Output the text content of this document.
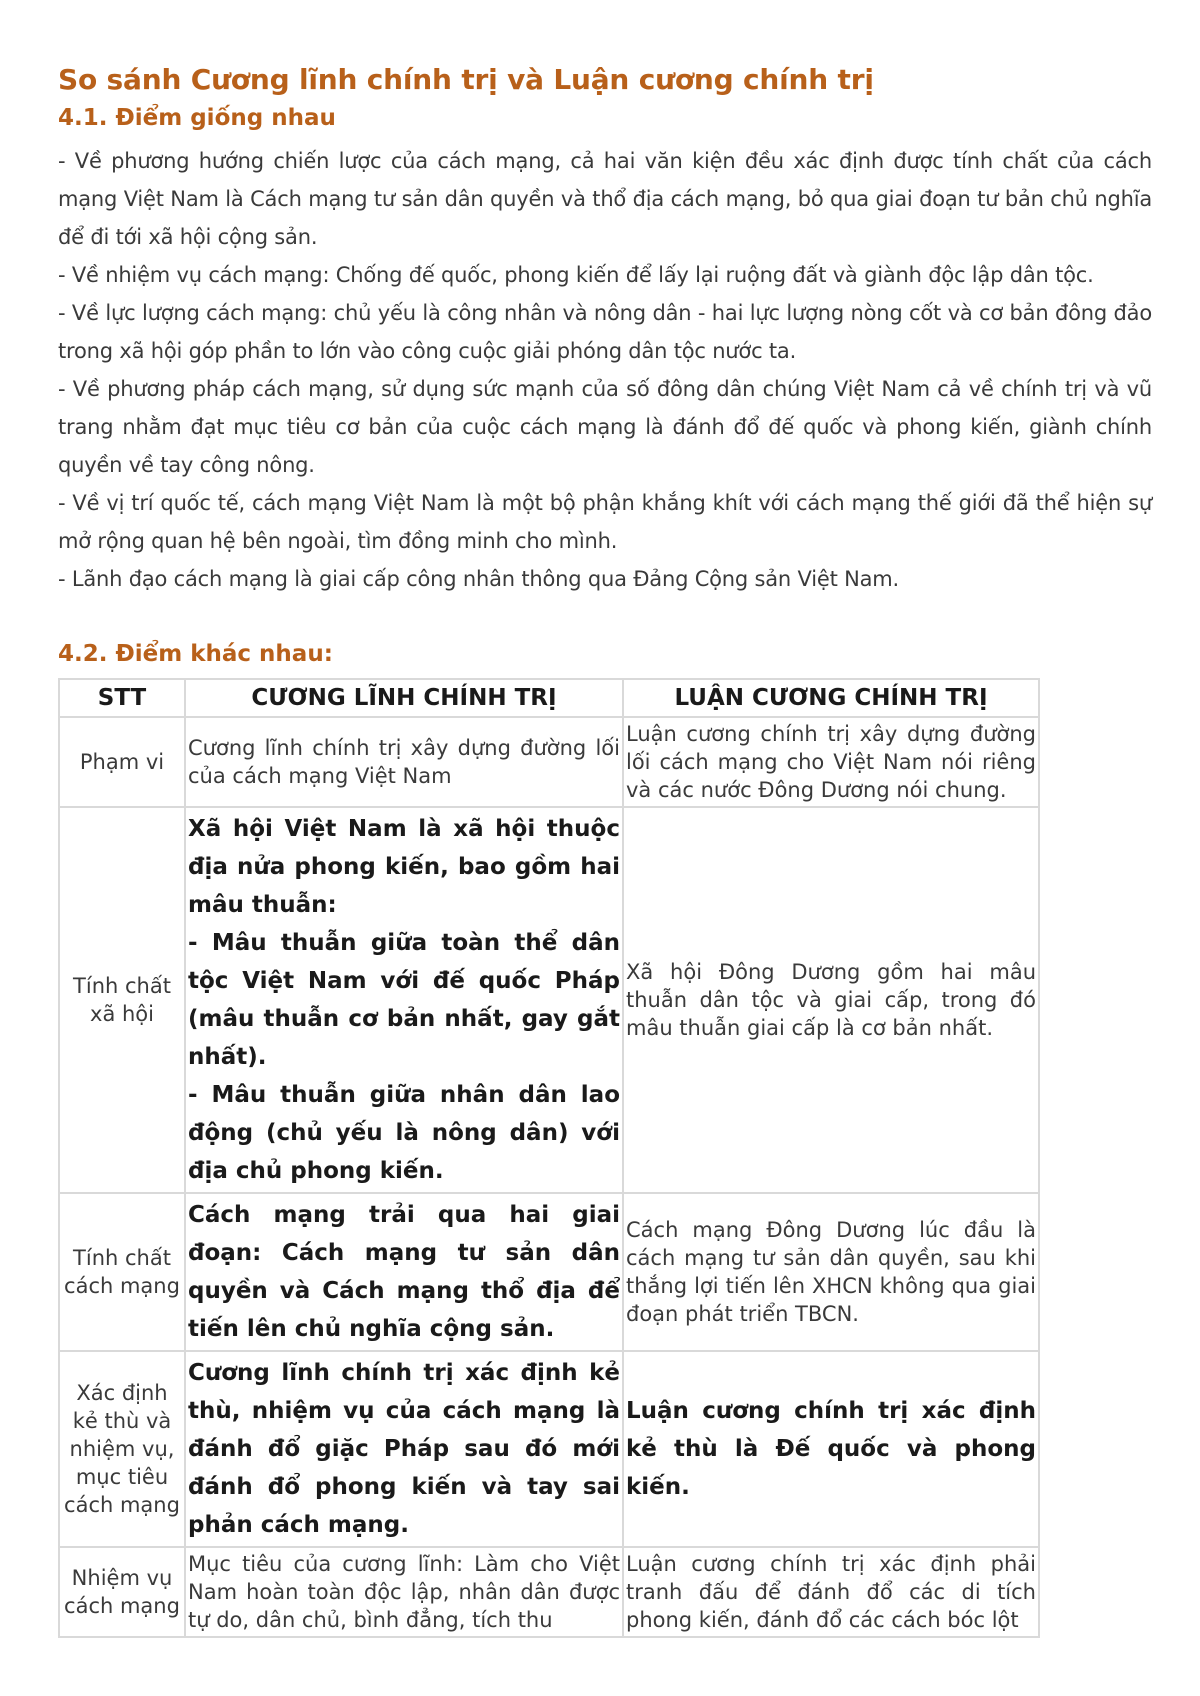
So sánh Cương lĩnh chính trị và Luận cương chính trị
4.1. Điểm giống nhau

- Về phương hướng chiến lược của cách mạng, cả hai văn kiện đều xác định được tính chất của cách mạng Việt Nam là Cách mạng tư sản dân quyền và thổ địa cách mạng, bỏ qua giai đoạn tư bản chủ nghĩa để đi tới xã hội cộng sản.

- Về nhiệm vụ cách mạng: Chống đế quốc, phong kiến để lấy lại ruộng đất và giành độc lập dân tộc.

- Về lực lượng cách mạng: chủ yếu là công nhân và nông dân - hai lực lượng nòng cốt và cơ bản đông đảo trong xã hội góp phần to lớn vào công cuộc giải phóng dân tộc nước ta.

- Về phương pháp cách mạng, sử dụng sức mạnh của số đông dân chúng Việt Nam cả về chính trị và vũ trang nhằm đạt mục tiêu cơ bản của cuộc cách mạng là đánh đổ đế quốc và phong kiến, giành chính quyền về tay công nông.

- Về vị trí quốc tế, cách mạng Việt Nam là một bộ phận khắng khít với cách mạng thế giới đã thể hiện sự mở rộng quan hệ bên ngoài, tìm đồng minh cho mình.

- Lãnh đạo cách mạng là giai cấp công nhân thông qua Đảng Cộng sản Việt Nam.

4.2. Điểm khác nhau:
STT	CƯƠNG LĨNH CHÍNH TRỊ	LUẬN CƯƠNG CHÍNH TRỊ
Phạm vi	Cương lĩnh chính trị xây dựng đường lối của cách mạng Việt Nam	Luận cương chính trị xây dựng đường lối cách mạng cho Việt Nam nói riêng và các nước Đông Dương nói chung.

Tính chất xã hội	Xã hội Việt Nam là xã hội thuộc địa nửa phong kiến, bao gồm hai mâu thuẫn:
- Mâu thuẫn giữa toàn thể dân tộc Việt Nam với đế quốc Pháp (mâu thuẫn cơ bản nhất, gay gắt nhất).
- Mâu thuẫn giữa nhân dân lao động (chủ yếu là nông dân) với địa chủ phong kiến.	Xã hội Đông Dương gồm hai mâu thuẫn dân tộc và giai cấp, trong đó mâu thuẫn giai cấp là cơ bản nhất.

Tính chất cách mạng	Cách mạng trải qua hai giai đoạn: Cách mạng tư sản dân quyền và Cách mạng thổ địa để tiến lên chủ nghĩa cộng sản.	Cách mạng Đông Dương lúc đầu là cách mạng tư sản dân quyền, sau khi thắng lợi tiến lên XHCN không qua giai đoạn phát triển TBCN.

Xác định kẻ thù và nhiệm vụ, mục tiêu cách mạng	Cương lĩnh chính trị xác định kẻ thù, nhiệm vụ của cách mạng là đánh đổ giặc Pháp sau đó mới đánh đổ phong kiến và tay sai phản cách mạng.	Luận cương chính trị xác định kẻ thù là Đế quốc và phong kiến.

Nhiệm vụ cách mạng	Mục tiêu của cương lĩnh: Làm cho Việt Nam hoàn toàn độc lập, nhân dân được tự do, dân chủ, bình đẳng, tích thu	Luận cương chính trị xác định phải tranh đấu để đánh đổ các di tích phong kiến, đánh đổ các cách bóc lột
